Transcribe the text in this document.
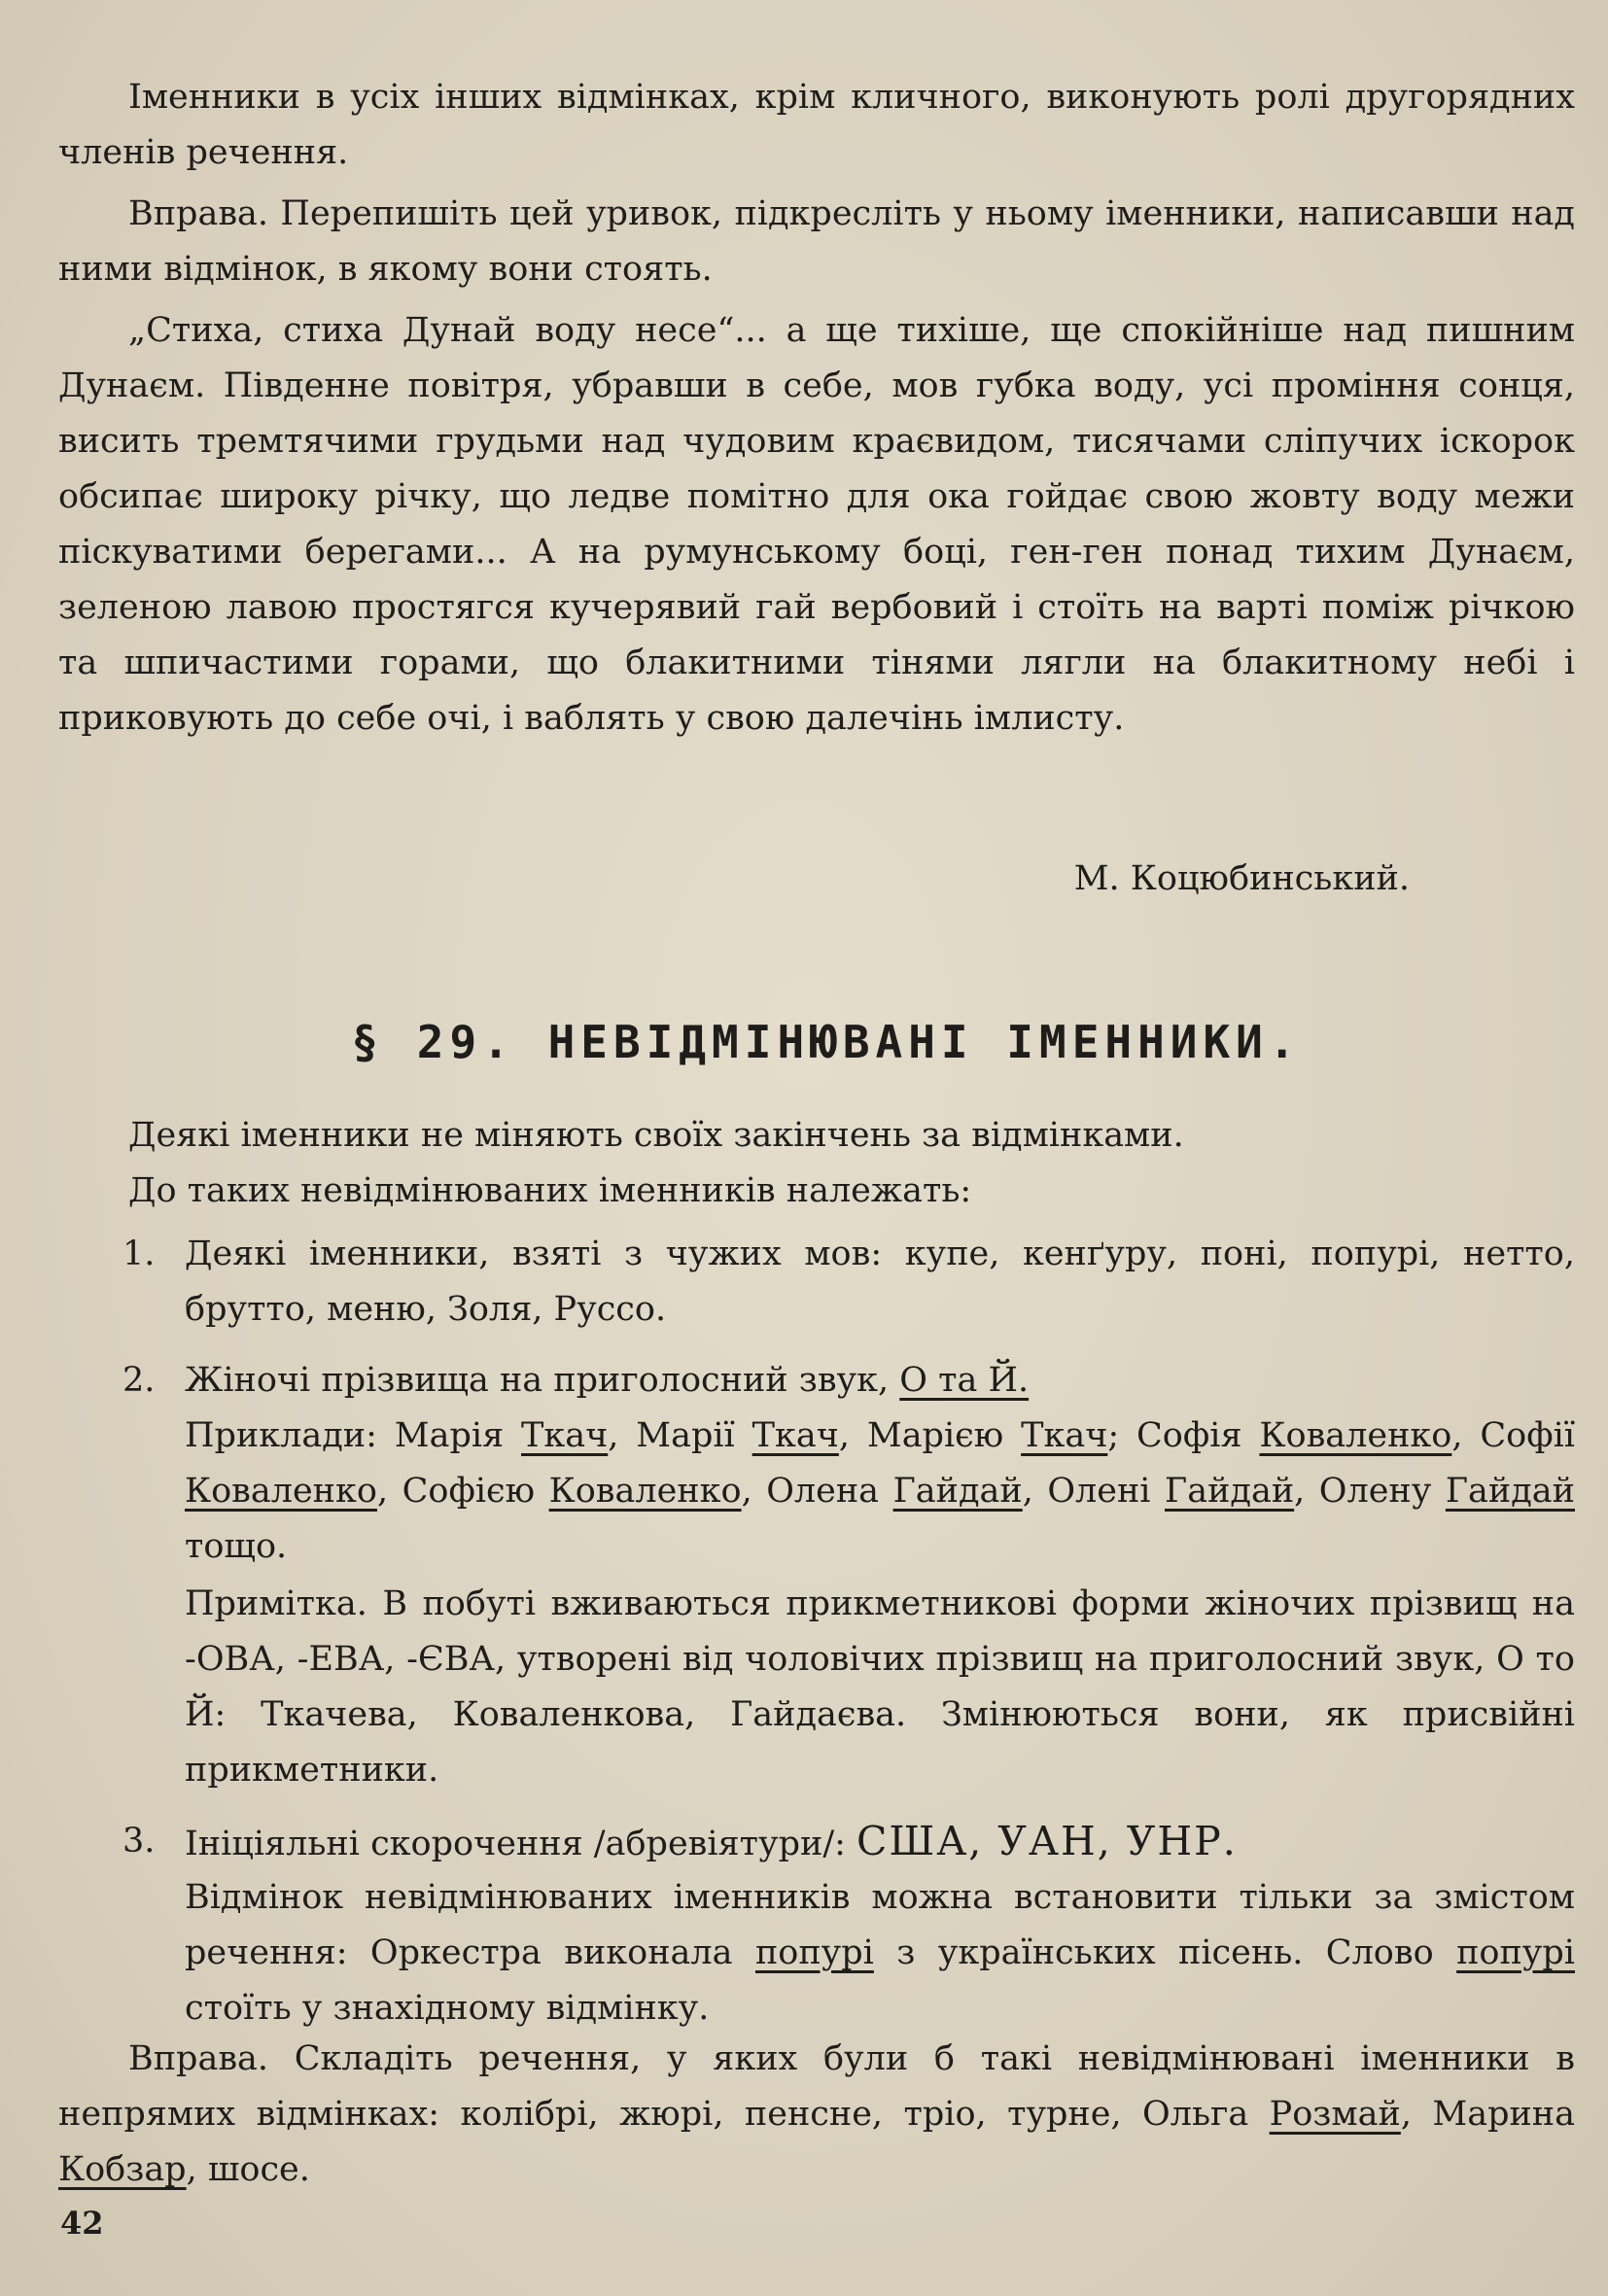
Іменники в усіх інших відмінках, крім кличного, виконують ролі другорядних членів речення.

Вправа. Перепишіть цей уривок, підкресліть у ньому іменники, написавши над ними відмінок, в якому вони стоять.

„Стиха, стиха Дунай воду несе“... а ще тихіше, ще спокійніше над пишним Дунаєм. Південне повітря, убравши в себе, мов губка воду, усі проміння сонця, висить тремтячими грудьми над чудовим краєвидом, тисячами сліпучих іскорок обсипає широку річку, що ледве помітно для ока гойдає свою жовту воду межи піскуватими берегами... А на румунському боці, ген-ген понад тихим Дунаєм, зеленою лавою простягся кучерявий гай вербовий і стоїть на варті поміж річкою та шпичастими горами, що блакитними тінями лягли на блакитному небі і приковують до себе очі, і ваблять у свою далечінь імлисту.

М. Коцюбинський.

§ 29. НЕВІДМІНЮВАНІ ІМЕННИКИ.

Деякі іменники не міняють своїх закінчень за відмінками.

До таких невідмінюваних іменників належать:

1. Деякі іменники, взяті з чужих мов: купе, кенґуру, поні, попурі, нетто, брутто, меню, Золя, Руссо.

2. Жіночі прізвища на приголосний звук, О та Й.

Приклади: Марія Ткач, Марії Ткач, Марією Ткач; Софія Коваленко, Софії Коваленко, Софією Коваленко, Олена Гайдай, Олені Гайдай, Олену Гайдай тощо.

Примітка. В побуті вживаються прикметникові форми жіночих прізвищ на -ОВА, -ЕВА, -ЄВА, утворені від чоловічих прізвищ на приголосний звук, О то Й: Ткачева, Коваленкова, Гайдаєва. Змінюються вони, як присвійні прикметники.

3. Ініціяльні скорочення /абревіятури/: США, УАН, УНР.

Відмінок невідмінюваних іменників можна встановити тільки за змістом речення: Оркестра виконала попурі з українських пісень. Слово попурі стоїть у знахідному відмінку.

Вправа. Складіть речення, у яких були б такі невідмінювані іменники в непрямих відмінках: колібрі, жюрі, пенсне, тріо, турне, Ольга Розмай, Марина Кобзар, шосе.

42
